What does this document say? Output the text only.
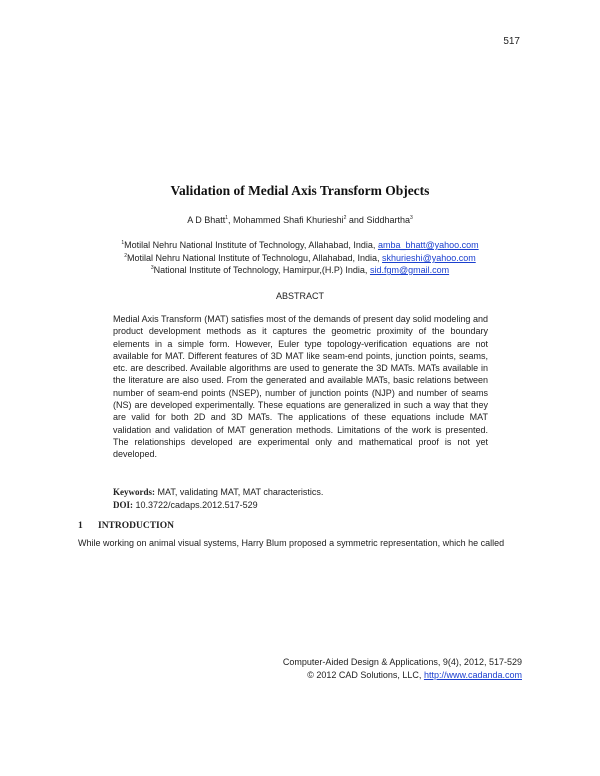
517
Validation of Medial Axis Transform Objects
A D Bhatt$^1$, Mohammed Shafi Khurieshi$^2$ and Siddhartha$^3$
$^1$Motilal Nehru National Institute of Technology, Allahabad, India, amba_bhatt@yahoo.com
$^2$Motilal Nehru National Institute of Technologu, Allahabad, India, skhurieshi@yahoo.com
$^3$National Institute of Technology, Hamirpur,(H.P) India, sid.fgm@gmail.com
ABSTRACT

Medial Axis Transform (MAT) satisfies most of the demands of present day solid modeling and product development methods as it captures the geometric proximity of the boundary elements in a simple form. However, Euler type topology-verification equations are not available for MAT. Different features of 3D MAT like seam-end points, junction points, seams, etc. are described. Available algorithms are used to generate the 3D MATs. MATs available in the literature are also used. From the generated and available MATs, basic relations between number of seam-end points (NSEP), number of junction points (NJP) and number of seams (NS) are developed experimentally. These equations are generalized in such a way that they are valid for both 2D and 3D MATs. The applications of these equations include MAT validation and validation of MAT generation methods. Limitations of the work is presented. The relationships developed are experimental only and mathematical proof is not yet developed.

Keywords: MAT, validating MAT, MAT characteristics.
DOI: 10.3722/cadaps.2012.517-529
1 INTRODUCTION

While working on animal visual systems, Harry Blum proposed a symmetric representation, which he called

Computer-Aided Design & Applications, 9(4), 2012, 517-529
© 2012 CAD Solutions, LLC, http://www.cadanda.com
